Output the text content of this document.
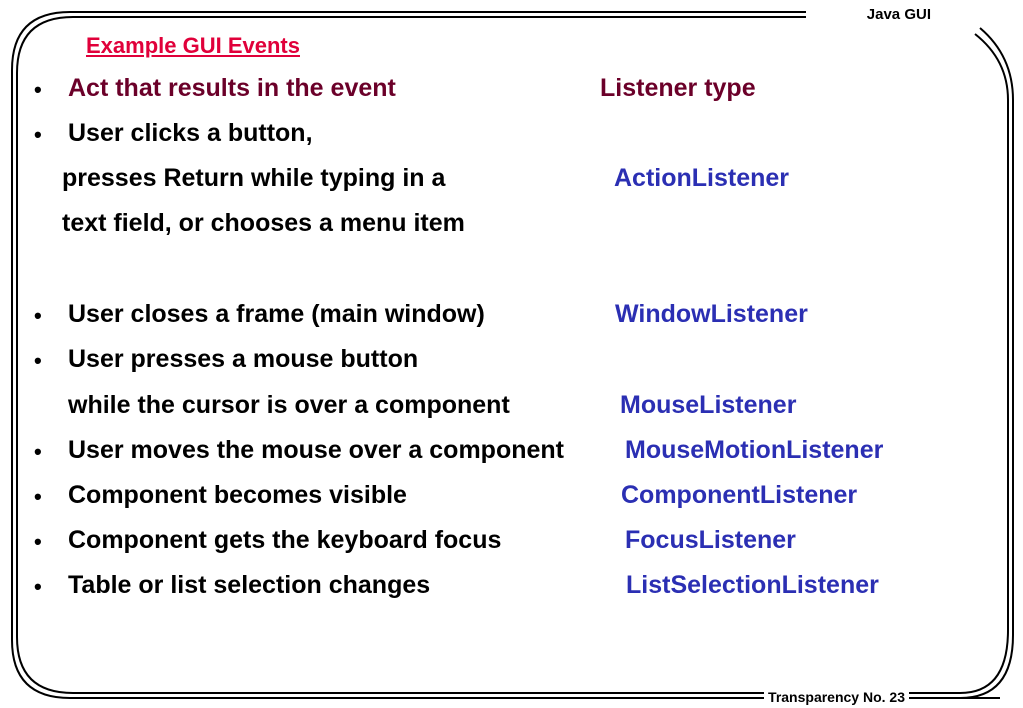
Java GUI
Transparency No. 23
Example GUI Events
• Act that results in the event	Listener type
• User clicks a button,
presses Return while typing in a	ActionListener
text field, or chooses a menu item
• User closes a frame (main window)	WindowListener
• User presses a mouse button
while the cursor is over a component	MouseListener
• User moves the mouse over a component MouseMotionListener
• Component becomes visible	ComponentListener
• Component gets the keyboard focus	FocusListener
• Table or list selection changes	ListSelectionListener
